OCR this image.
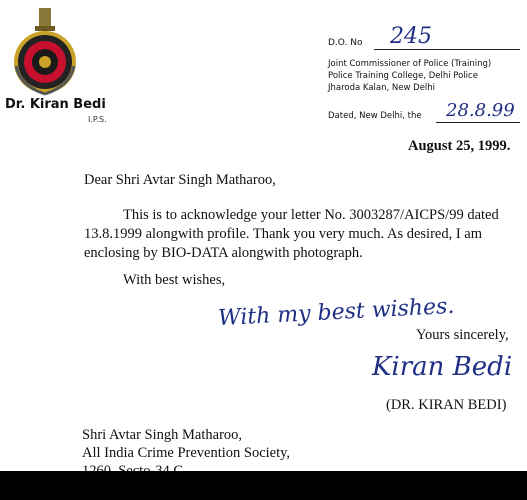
Dr. Kiran Bedi
I.P.S.
D.O. No 245
Joint Commissioner of Police (Training)
Police Training College, Delhi Police
Jharoda Kalan, New Delhi
Dated, New Delhi, the 28.8.99
August 25, 1999.
Dear Shri Avtar Singh Matharoo,
This is to acknowledge your letter No. 3003287/AICPS/99 dated 13.8.1999 alongwith profile. Thank you very much. As desired, I am enclosing by BIO-DATA alongwith photograph.
With best wishes,
With my best wishes.
Yours sincerely,
Kiran Bedi
(DR. KIRAN BEDI)
Shri Avtar Singh Matharoo,
All India Crime Prevention Society,
